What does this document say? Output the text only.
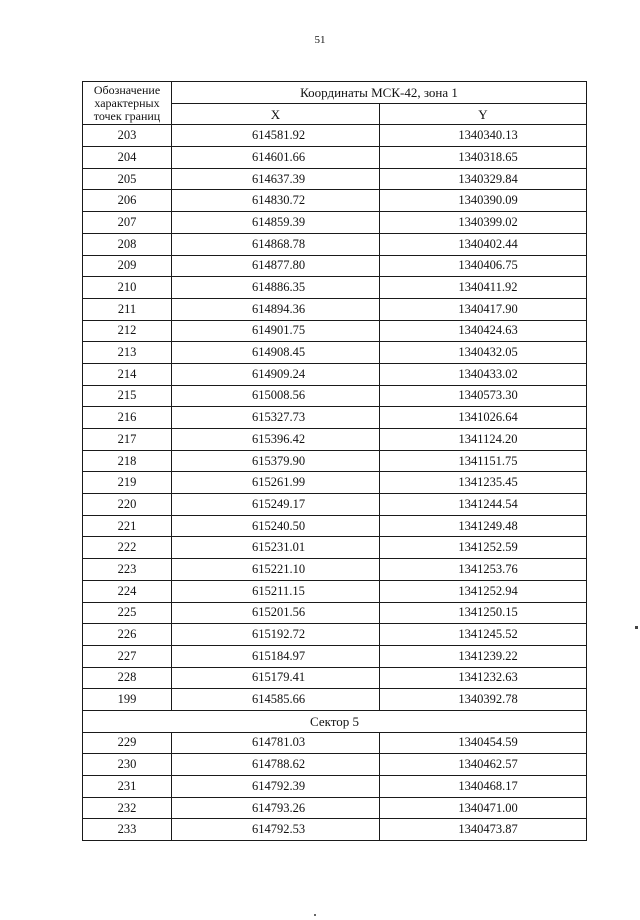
51
Обозначение характерных точек границ	Координаты МСК-42, зона 1	
	X	Y
203	614581.92	1340340.13
204	614601.66	1340318.65
205	614637.39	1340329.84
206	614830.72	1340390.09
207	614859.39	1340399.02
208	614868.78	1340402.44
209	614877.80	1340406.75
210	614886.35	1340411.92
211	614894.36	1340417.90
212	614901.75	1340424.63
213	614908.45	1340432.05
214	614909.24	1340433.02
215	615008.56	1340573.30
216	615327.73	1341026.64
217	615396.42	1341124.20
218	615379.90	1341151.75
219	615261.99	1341235.45
220	615249.17	1341244.54
221	615240.50	1341249.48
222	615231.01	1341252.59
223	615221.10	1341253.76
224	615211.15	1341252.94
225	615201.56	1341250.15
226	615192.72	1341245.52
227	615184.97	1341239.22
228	615179.41	1341232.63
199	614585.66	1340392.78
Сектор 5		
229	614781.03	1340454.59
230	614788.62	1340462.57
231	614792.39	1340468.17
232	614793.26	1340471.00
233	614792.53	1340473.87
